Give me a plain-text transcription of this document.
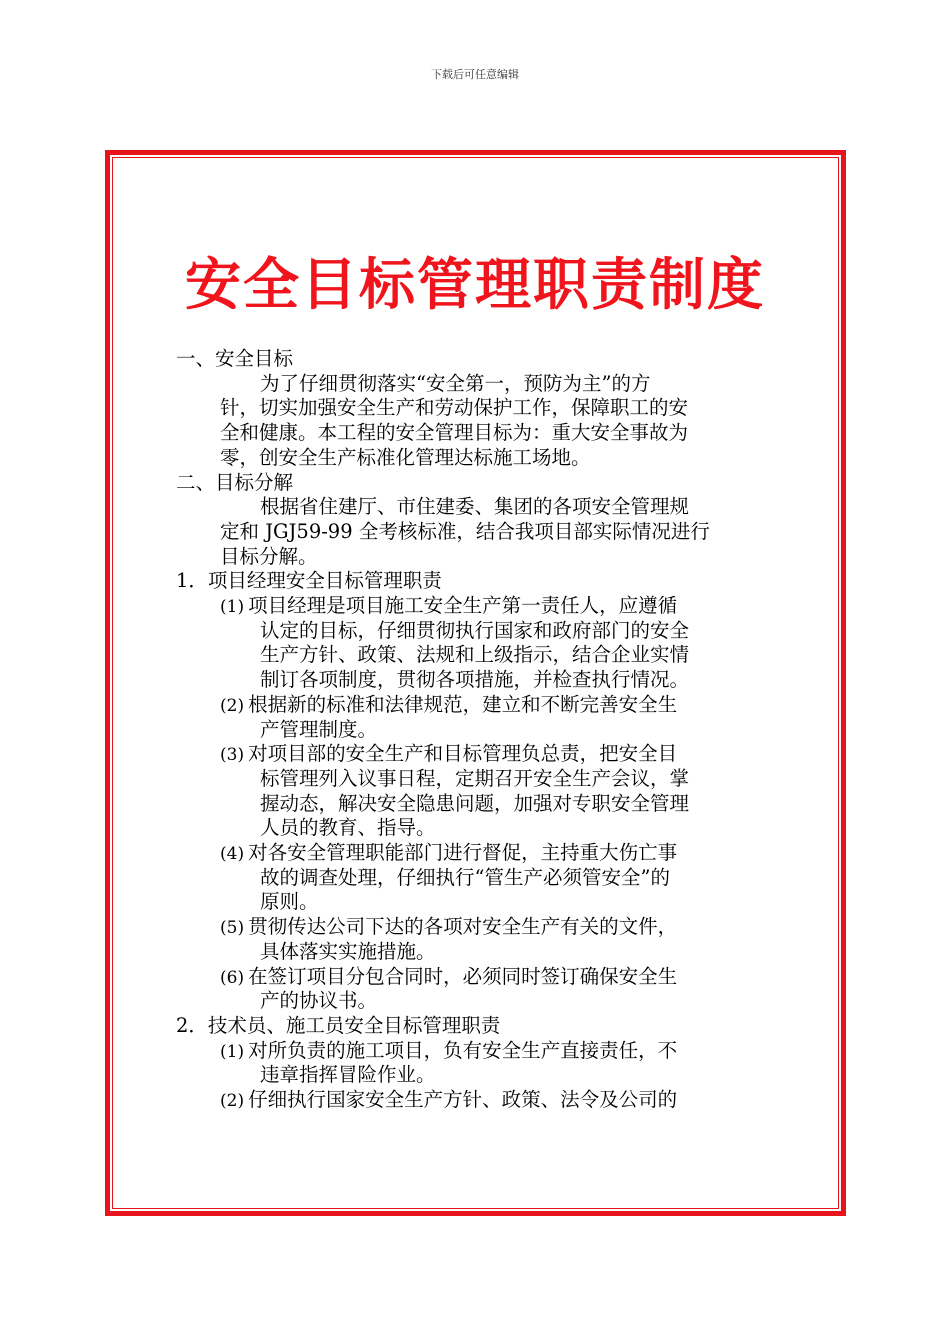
下载后可任意编辑
安全目标管理职责制度
一、安全目标
为了仔细贯彻落实“安全第一，预防为主”的方
针，切实加强安全生产和劳动保护工作，保障职工的安
全和健康。本工程的安全管理目标为：重大安全事故为
零，创安全生产标准化管理达标施工场地。
二、目标分解
根据省住建厅、市住建委、集团的各项安全管理规
定和 JGJ59-99 全考核标准，结合我项目部实际情况进行
目标分解。
1．项目经理安全目标管理职责
(1) 项目经理是项目施工安全生产第一责任人，应遵循
认定的目标，仔细贯彻执行国家和政府部门的安全
生产方针、政策、法规和上级指示，结合企业实情
制订各项制度，贯彻各项措施，并检查执行情况。
(2) 根据新的标准和法律规范，建立和不断完善安全生
产管理制度。
(3) 对项目部的安全生产和目标管理负总责，把安全目
标管理列入议事日程，定期召开安全生产会议，掌
握动态，解决安全隐患问题，加强对专职安全管理
人员的教育、指导。
(4) 对各安全管理职能部门进行督促，主持重大伤亡事
故的调查处理，仔细执行“管生产必须管安全”的
原则。
(5) 贯彻传达公司下达的各项对安全生产有关的文件，
具体落实实施措施。
(6) 在签订项目分包合同时，必须同时签订确保安全生
产的协议书。
2．技术员、施工员安全目标管理职责
(1) 对所负责的施工项目，负有安全生产直接责任，不
违章指挥冒险作业。
(2) 仔细执行国家安全生产方针、政策、法令及公司的
